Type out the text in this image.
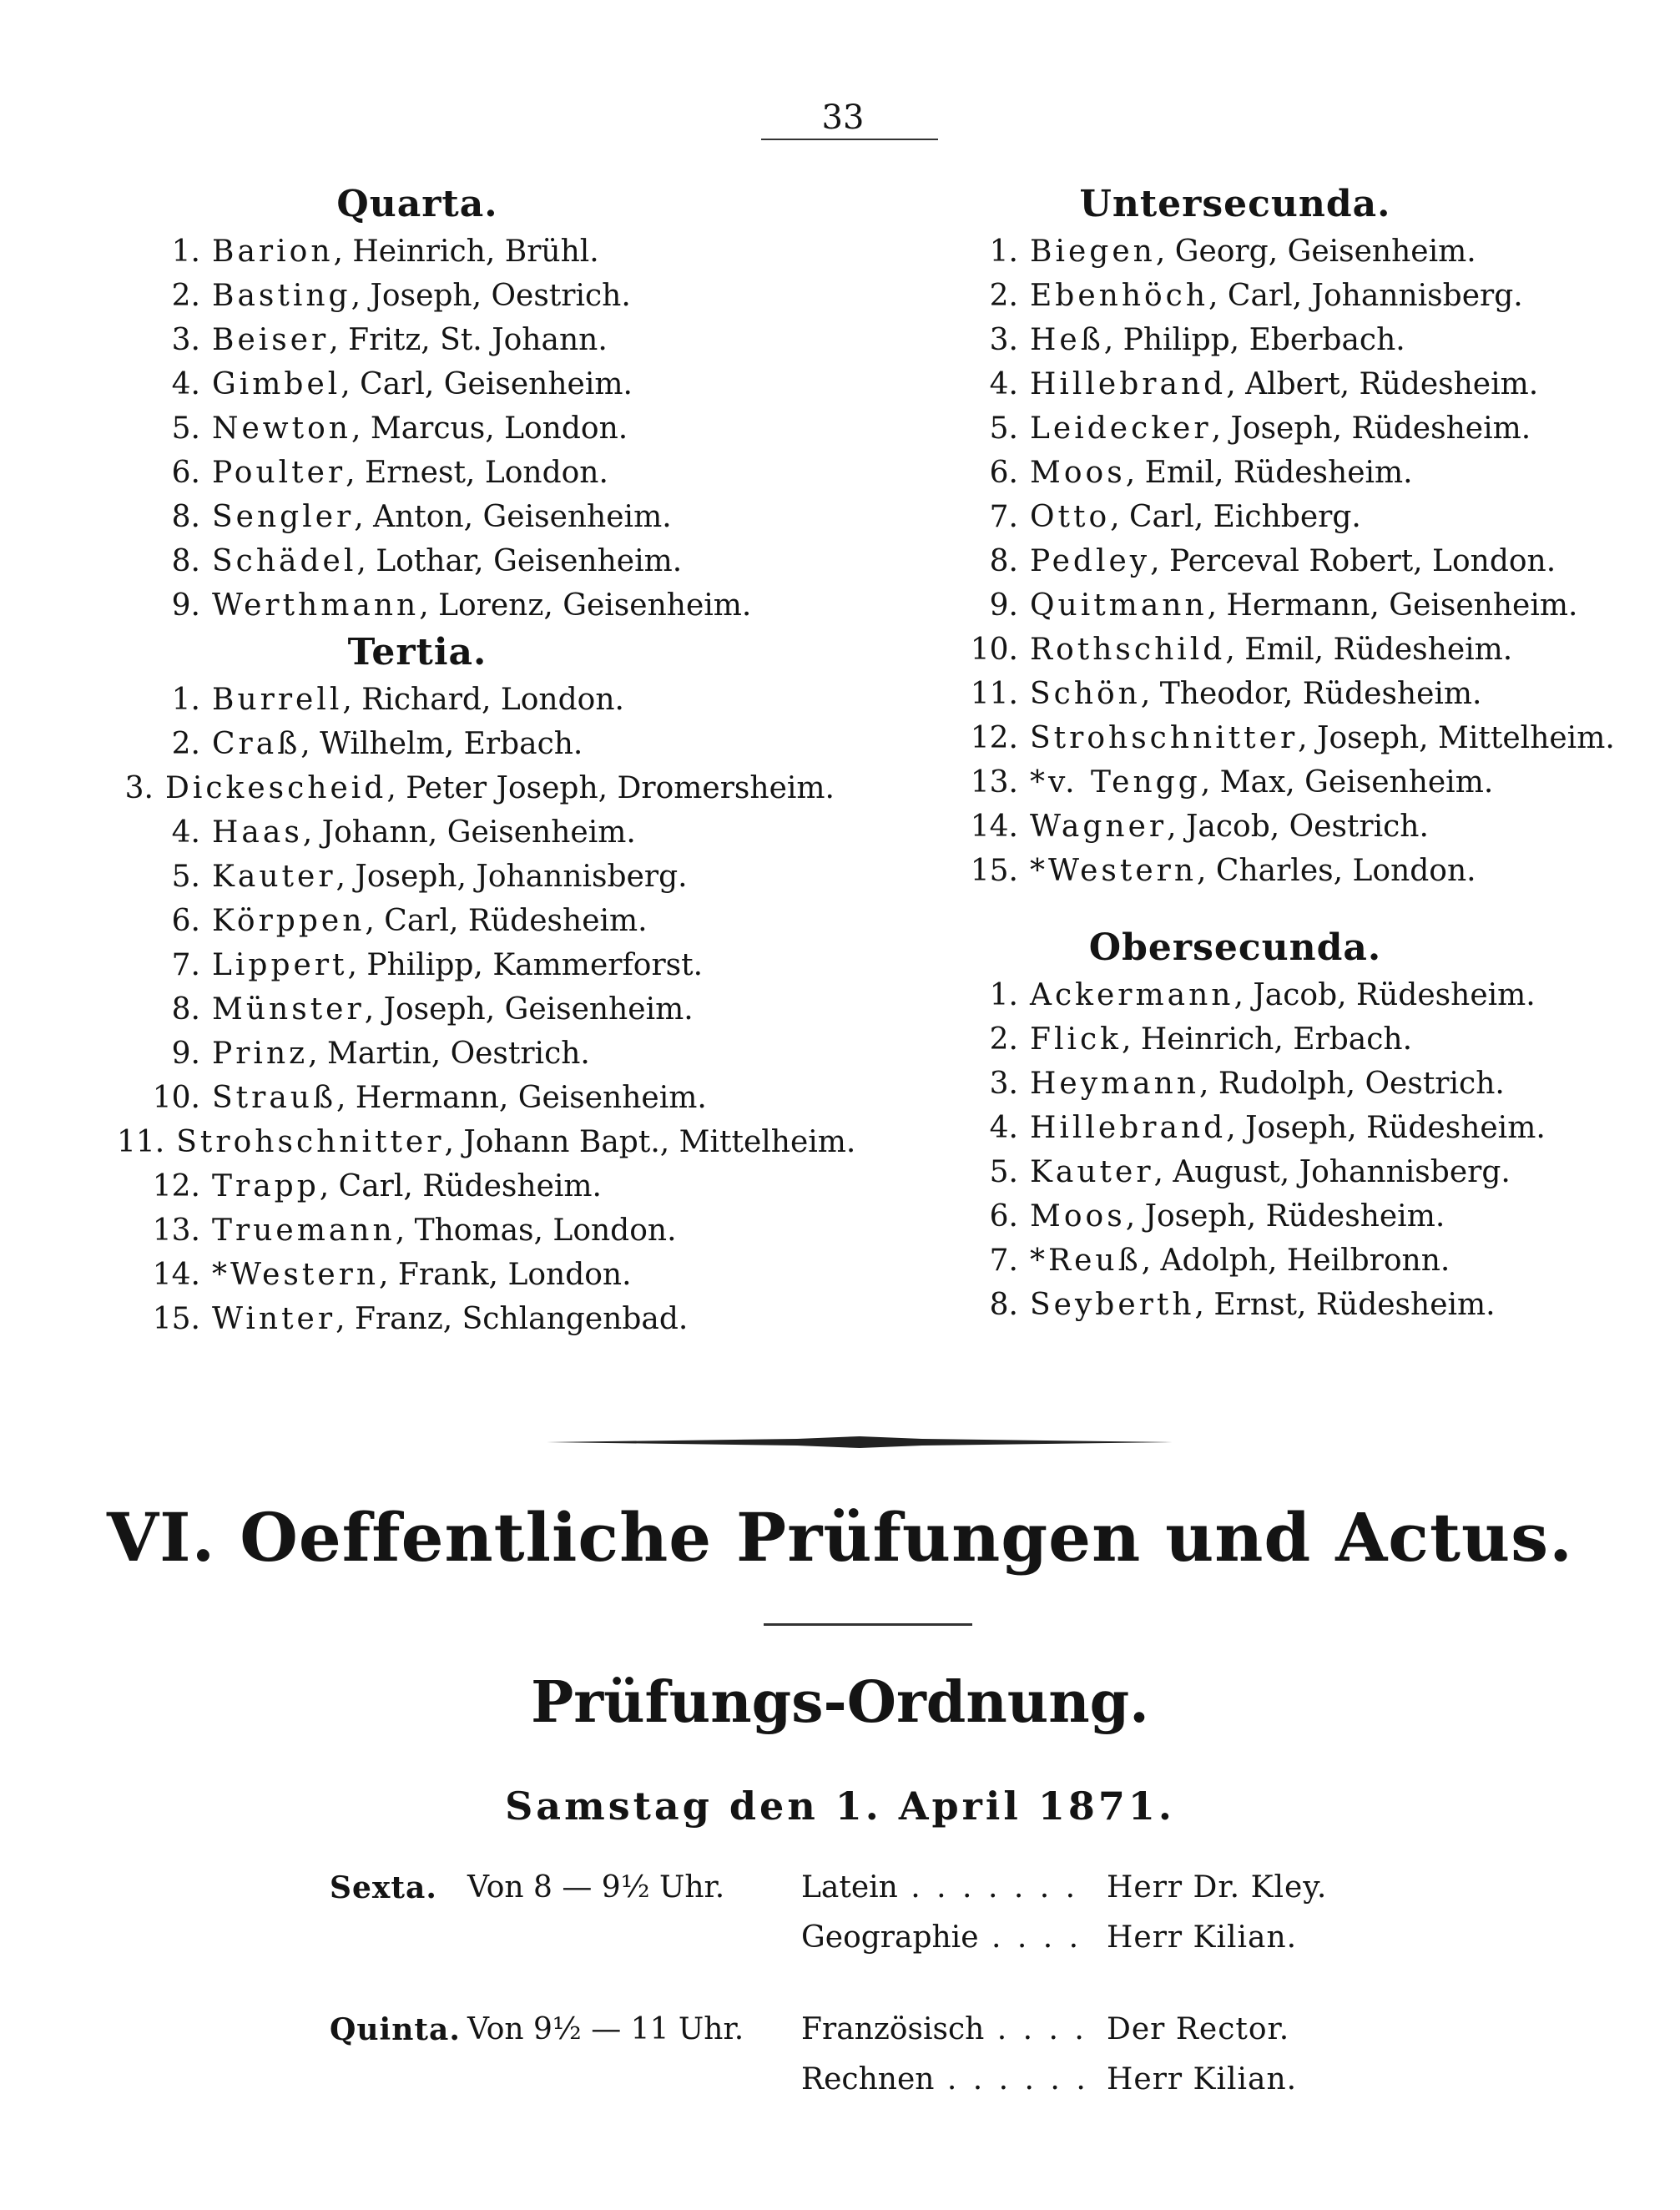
33
Quarta.
1. Barion, Heinrich, Brühl.
2. Basting, Joseph, Oestrich.
3. Beiser, Fritz, St. Johann.
4. Gimbel, Carl, Geisenheim.
5. Newton, Marcus, London.
6. Poulter, Ernest, London.
8. Sengler, Anton, Geisenheim.
8. Schädel, Lothar, Geisenheim.
9. Werthmann, Lorenz, Geisenheim.
Tertia.
1. Burrell, Richard, London.
2. Craß, Wilhelm, Erbach.
3. Dickescheid, Peter Joseph, Dromersheim.
4. Haas, Johann, Geisenheim.
5. Kauter, Joseph, Johannisberg.
6. Körppen, Carl, Rüdesheim.
7. Lippert, Philipp, Kammerforst.
8. Münster, Joseph, Geisenheim.
9. Prinz, Martin, Oestrich.
10. Strauß, Hermann, Geisenheim.
11. Strohschnitter, Johann Bapt., Mittelheim.
12. Trapp, Carl, Rüdesheim.
13. Truemann, Thomas, London.
14. *Western, Frank, London.
15. Winter, Franz, Schlangenbad.
Untersecunda.
1. Biegen, Georg, Geisenheim.
2. Ebenhöch, Carl, Johannisberg.
3. Heß, Philipp, Eberbach.
4. Hillebrand, Albert, Rüdesheim.
5. Leidecker, Joseph, Rüdesheim.
6. Moos, Emil, Rüdesheim.
7. Otto, Carl, Eichberg.
8. Pedley, Perceval Robert, London.
9. Quitmann, Hermann, Geisenheim.
10. Rothschild, Emil, Rüdesheim.
11. Schön, Theodor, Rüdesheim.
12. Strohschnitter, Joseph, Mittelheim.
13. *v. Tengg, Max, Geisenheim.
14. Wagner, Jacob, Oestrich.
15. *Western, Charles, London.
Obersecunda.
1. Ackermann, Jacob, Rüdesheim.
2. Flick, Heinrich, Erbach.
3. Heymann, Rudolph, Oestrich.
4. Hillebrand, Joseph, Rüdesheim.
5. Kauter, August, Johannisberg.
6. Moos, Joseph, Rüdesheim.
7. *Reuß, Adolph, Heilbronn.
8. Seyberth, Ernst, Rüdesheim.
VI. Oeffentliche Prüfungen und Actus.
Prüfungs-Ordnung.
Samstag den 1. April 1871.
Sexta.	Von 8 — 9½ Uhr.	Latein . . . . . . . Herr Dr. Kley.
Geographie . . . . Herr Kilian.
Quinta. Von 9½ — 11 Uhr.	Französisch . . . . Der Rector.
Rechnen . . . . . . Herr Kilian.
